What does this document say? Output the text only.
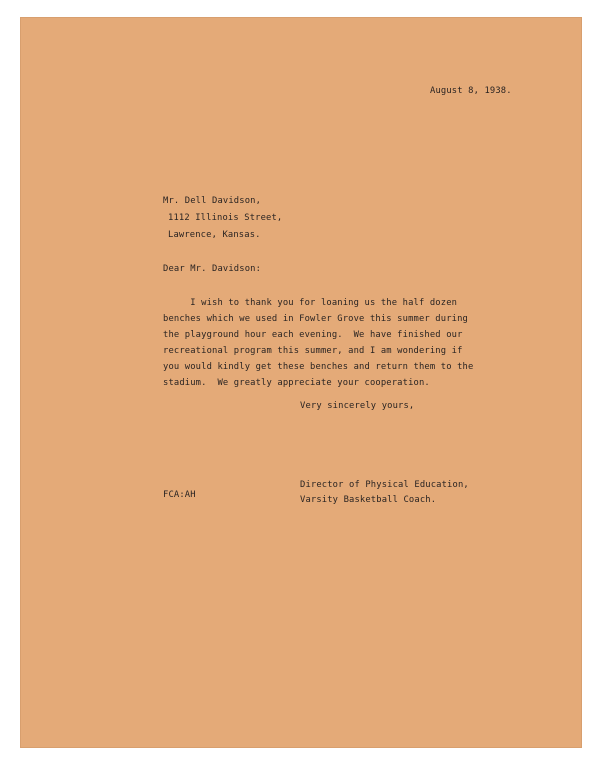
August 8, 1938.

Mr. Dell Davidson,

1112 Illinois Street,

Lawrence, Kansas.

Dear Mr. Davidson:

I wish to thank you for loaning us the half dozen

benches which we used in Fowler Grove this summer during

the playground hour each evening.  We have finished our

recreational program this summer, and I am wondering if

you would kindly get these benches and return them to the

stadium.  We greatly appreciate your cooperation.

Very sincerely yours,

Director of Physical Education,

FCA:AH	Varsity Basketball Coach.
